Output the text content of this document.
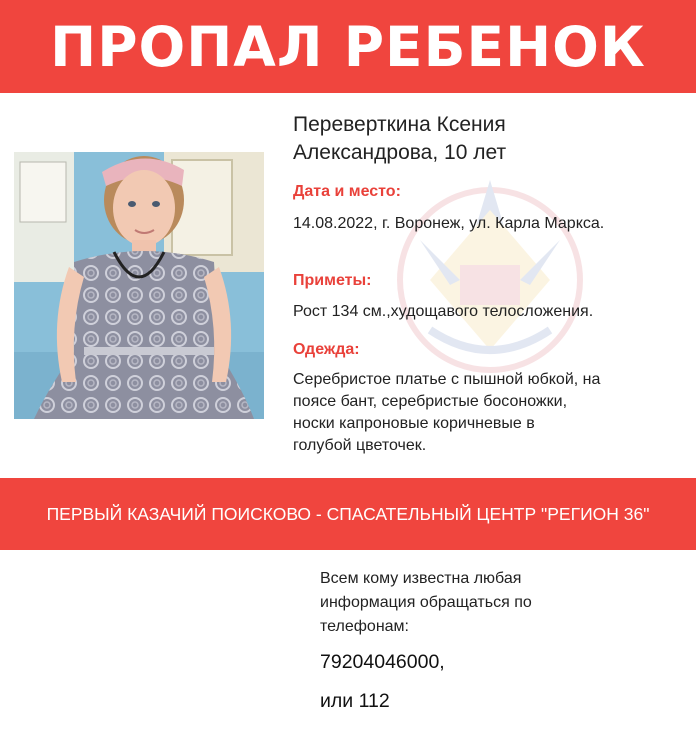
ПРОПАЛ РЕБЕНОК
Переверткина Ксения
Александрова, 10 лет
Дата и место:
14.08.2022, г. Воронеж, ул. Карла Маркса.
Приметы:
Рост 134 см.,худощавого телосложения.
Одежда:
Серебристое платье с пышной юбкой, на
поясе бант, серебристые босоножки,
носки капроновые коричневые в
голубой цветочек.
ПЕРВЫЙ КАЗАЧИЙ ПОИСКОВО - СПАСАТЕЛЬНЫЙ ЦЕНТР "РЕГИОН 36"
Всем кому известна любая
информация обращаться по
телефонам:
79204046000,
или 112
